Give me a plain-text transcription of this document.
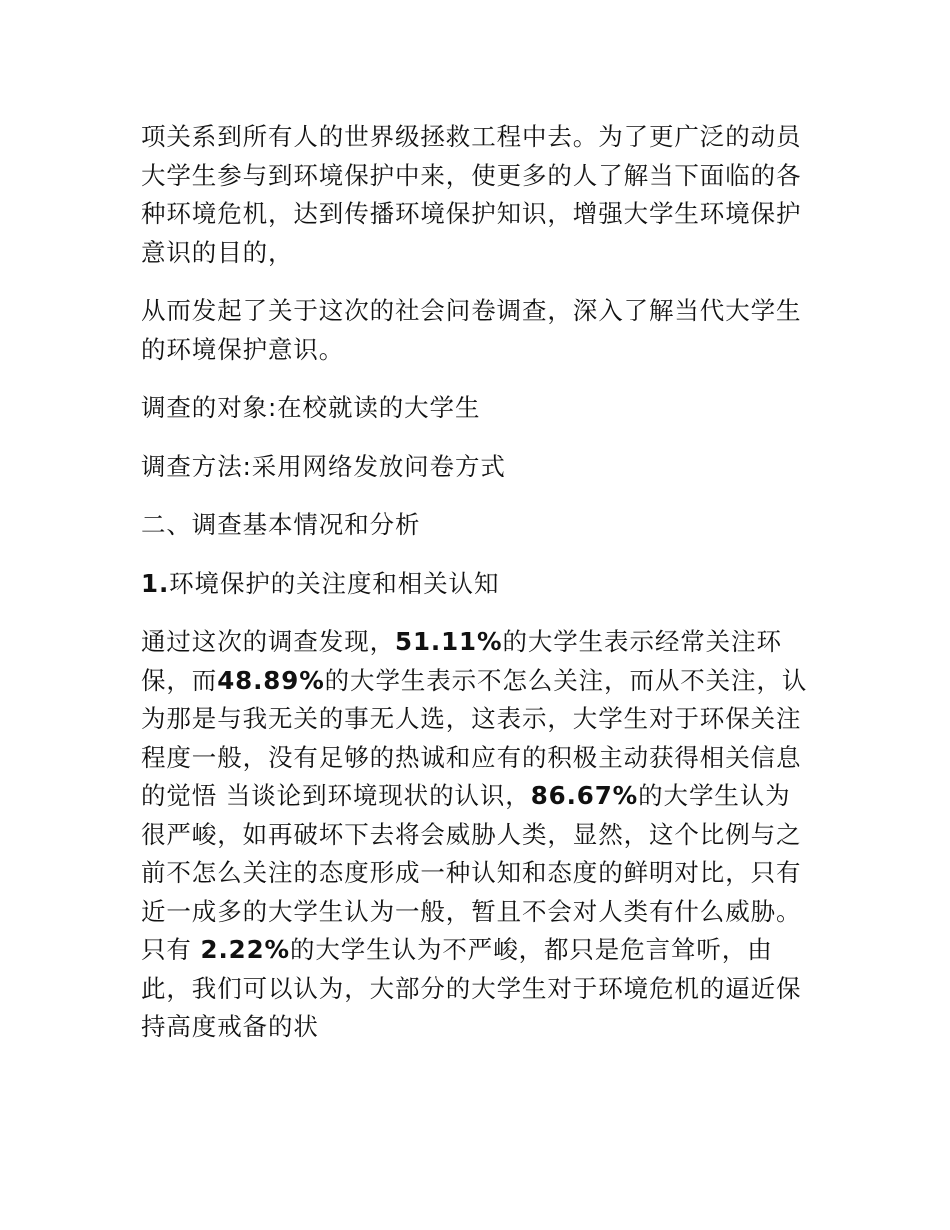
项关系到所有人的世界级拯救工程中去。为了更广泛的动员大学生参与到环境保护中来，使更多的人了解当下面临的各种环境危机，达到传播环境保护知识，增强大学生环境保护意识的目的，

从而发起了关于这次的社会问卷调查，深入了解当代大学生的环境保护意识。

调查的对象:在校就读的大学生

调查方法:采用网络发放问卷方式

二、调查基本情况和分析

1.环境保护的关注度和相关认知

通过这次的调查发现，51.11%的大学生表示经常关注环保，而48.89%的大学生表示不怎么关注，而从不关注，认为那是与我无关的事无人选，这表示，大学生对于环保关注程度一般，没有足够的热诚和应有的积极主动获得相关信息的觉悟 当谈论到环境现状的认识，86.67%的大学生认为很严峻，如再破坏下去将会威胁人类，显然，这个比例与之前不怎么关注的态度形成一种认知和态度的鲜明对比，只有近一成多的大学生认为一般，暂且不会对人类有什么威胁。只有 2.22%的大学生认为不严峻，都只是危言耸听，由此，我们可以认为，大部分的大学生对于环境危机的逼近保持高度戒备的状
